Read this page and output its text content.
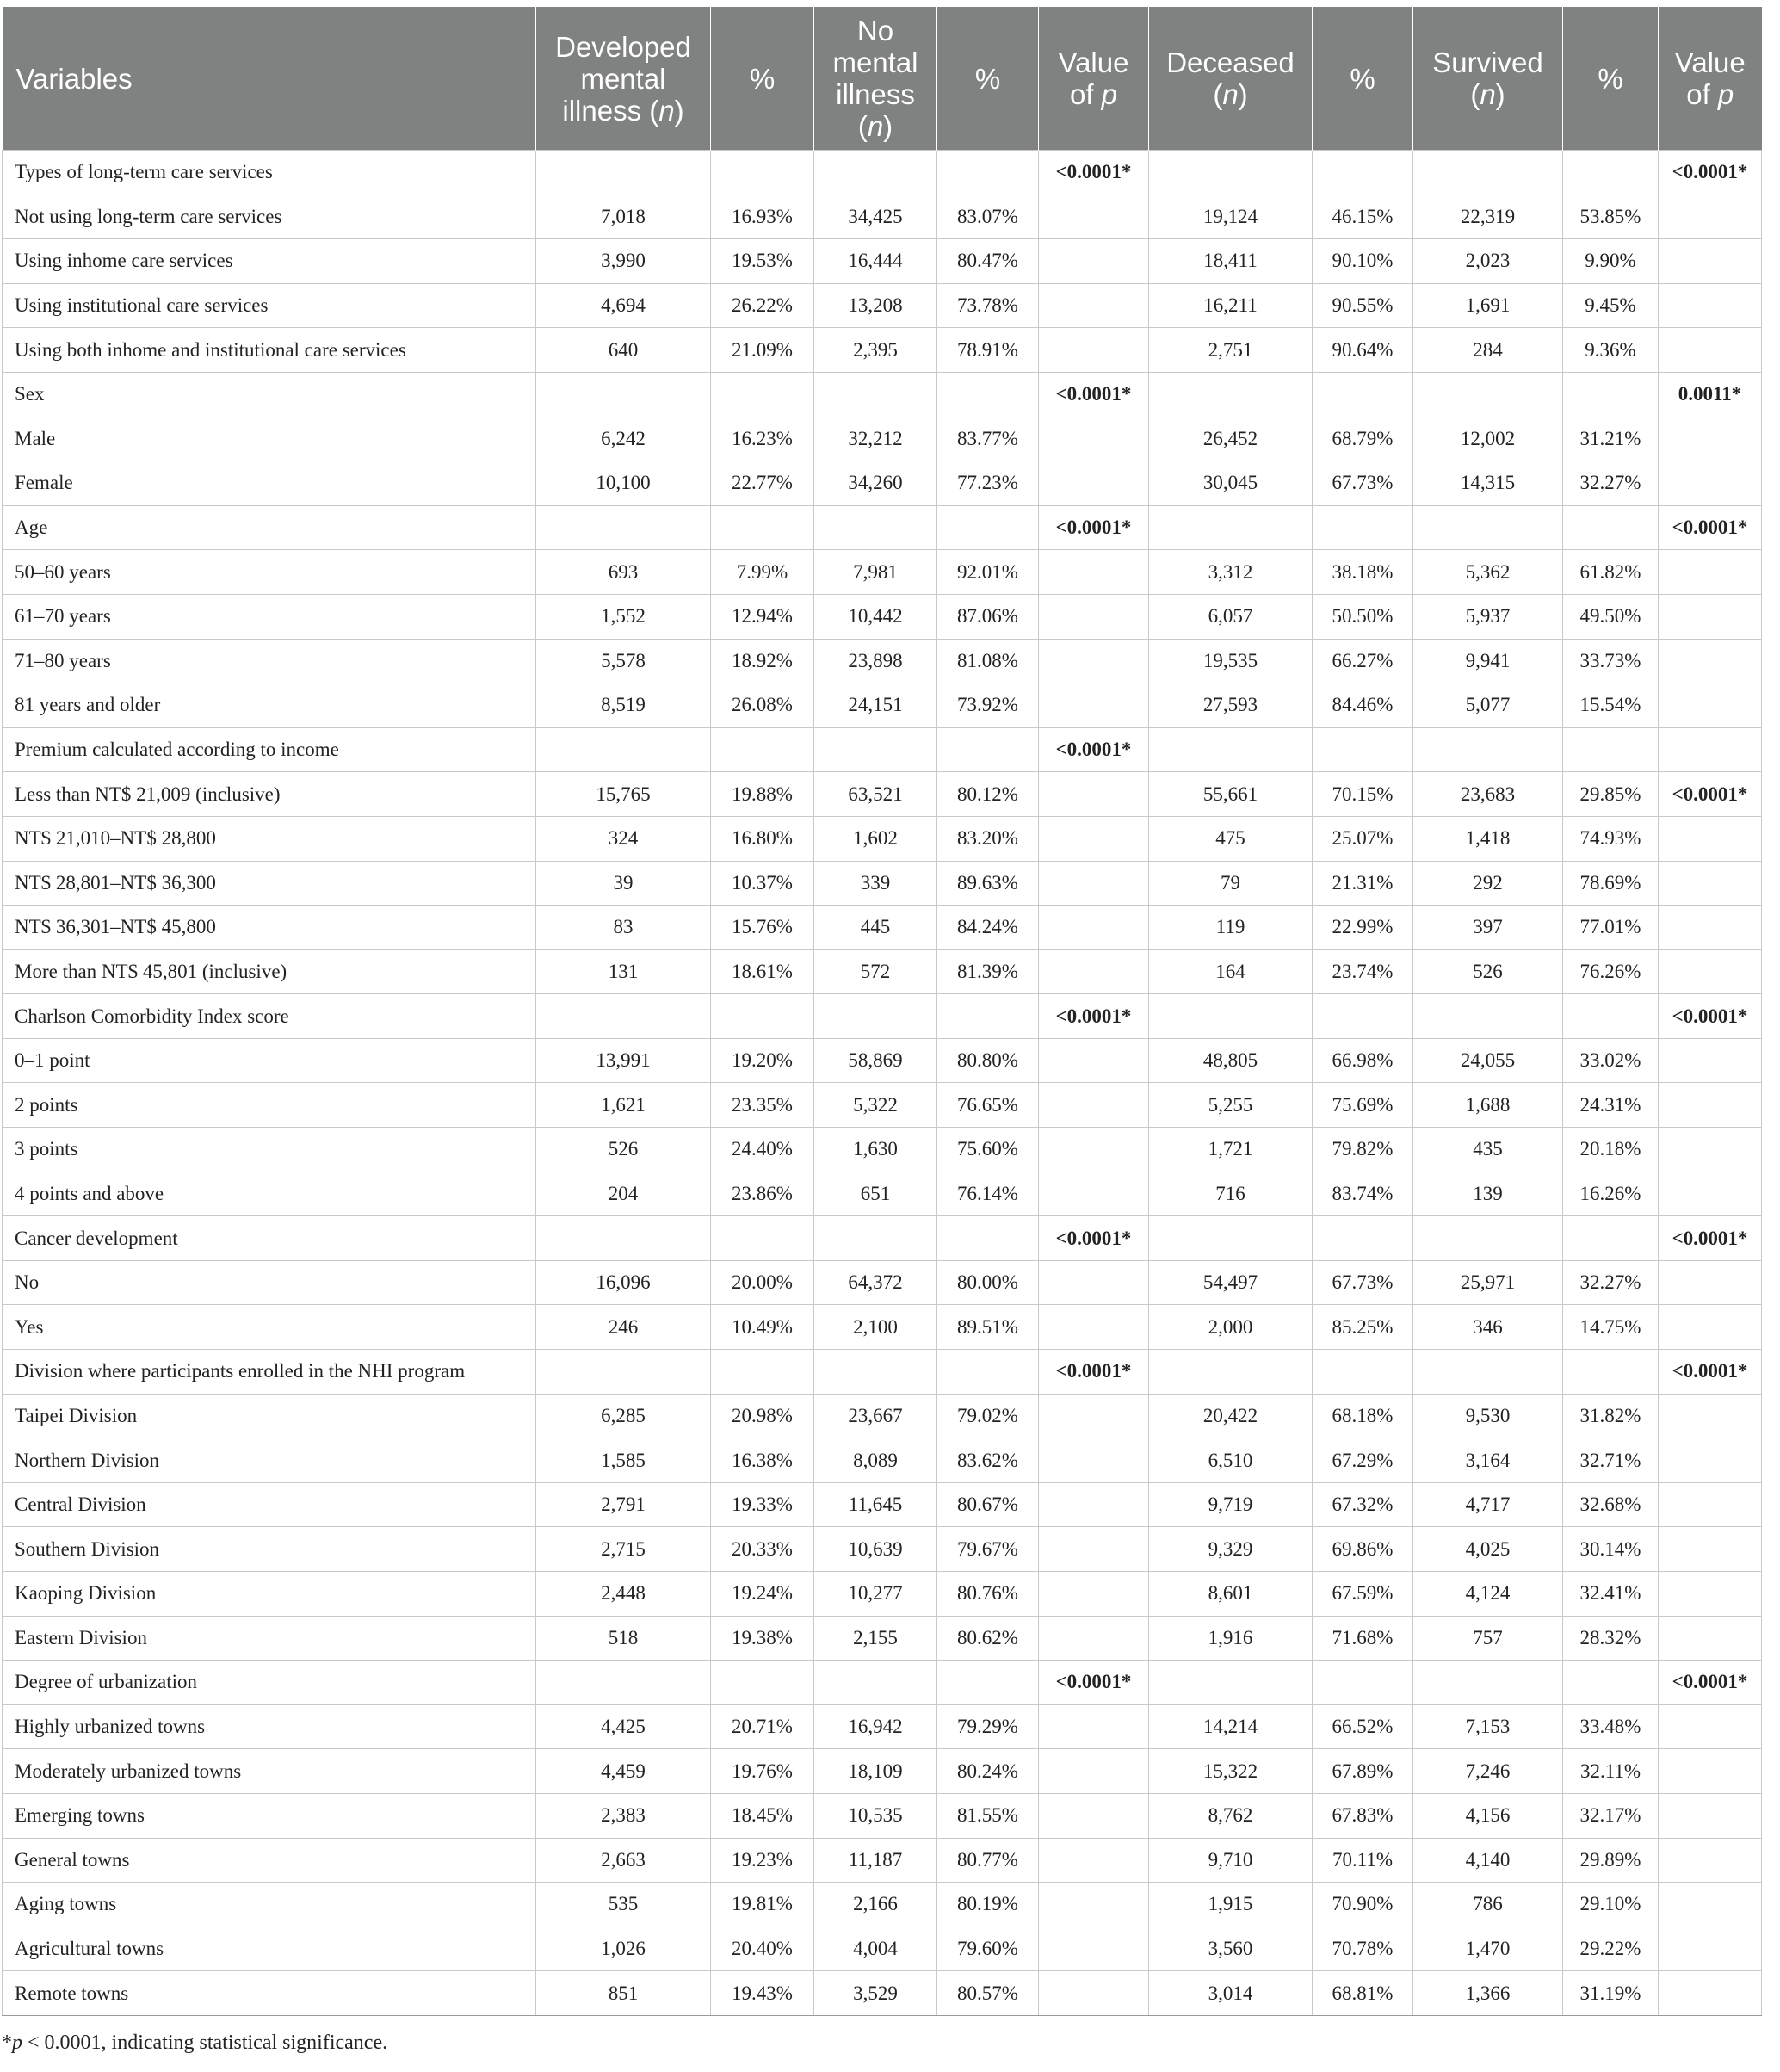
Variables	Developed mental illness (n)	%	No mental illness (n)	%	Value of p	Deceased (n)	%	Survived (n)	%	Value of p
Types of long-term care services					<0.0001*					<0.0001*
Not using long-term care services	7,018	16.93%	34,425	83.07%		19,124	46.15%	22,319	53.85%	
Using inhome care services	3,990	19.53%	16,444	80.47%		18,411	90.10%	2,023	9.90%	
Using institutional care services	4,694	26.22%	13,208	73.78%		16,211	90.55%	1,691	9.45%	
Using both inhome and institutional care services	640	21.09%	2,395	78.91%		2,751	90.64%	284	9.36%	
Sex					<0.0001*					0.0011*
Male	6,242	16.23%	32,212	83.77%		26,452	68.79%	12,002	31.21%	
Female	10,100	22.77%	34,260	77.23%		30,045	67.73%	14,315	32.27%	
Age					<0.0001*					<0.0001*
50–60 years	693	7.99%	7,981	92.01%		3,312	38.18%	5,362	61.82%	
61–70 years	1,552	12.94%	10,442	87.06%		6,057	50.50%	5,937	49.50%	
71–80 years	5,578	18.92%	23,898	81.08%		19,535	66.27%	9,941	33.73%	
81 years and older	8,519	26.08%	24,151	73.92%		27,593	84.46%	5,077	15.54%	
Premium calculated according to income					<0.0001*					
Less than NT$ 21,009 (inclusive)	15,765	19.88%	63,521	80.12%		55,661	70.15%	23,683	29.85%	<0.0001*
NT$ 21,010–NT$ 28,800	324	16.80%	1,602	83.20%		475	25.07%	1,418	74.93%	
NT$ 28,801–NT$ 36,300	39	10.37%	339	89.63%		79	21.31%	292	78.69%	
NT$ 36,301–NT$ 45,800	83	15.76%	445	84.24%		119	22.99%	397	77.01%	
More than NT$ 45,801 (inclusive)	131	18.61%	572	81.39%		164	23.74%	526	76.26%	
Charlson Comorbidity Index score					<0.0001*					<0.0001*
0–1 point	13,991	19.20%	58,869	80.80%		48,805	66.98%	24,055	33.02%	
2 points	1,621	23.35%	5,322	76.65%		5,255	75.69%	1,688	24.31%	
3 points	526	24.40%	1,630	75.60%		1,721	79.82%	435	20.18%	
4 points and above	204	23.86%	651	76.14%		716	83.74%	139	16.26%	
Cancer development					<0.0001*					<0.0001*
No	16,096	20.00%	64,372	80.00%		54,497	67.73%	25,971	32.27%	
Yes	246	10.49%	2,100	89.51%		2,000	85.25%	346	14.75%	
Division where participants enrolled in the NHI program					<0.0001*					<0.0001*
Taipei Division	6,285	20.98%	23,667	79.02%		20,422	68.18%	9,530	31.82%	
Northern Division	1,585	16.38%	8,089	83.62%		6,510	67.29%	3,164	32.71%	
Central Division	2,791	19.33%	11,645	80.67%		9,719	67.32%	4,717	32.68%	
Southern Division	2,715	20.33%	10,639	79.67%		9,329	69.86%	4,025	30.14%	
Kaoping Division	2,448	19.24%	10,277	80.76%		8,601	67.59%	4,124	32.41%	
Eastern Division	518	19.38%	2,155	80.62%		1,916	71.68%	757	28.32%	
Degree of urbanization					<0.0001*					<0.0001*
Highly urbanized towns	4,425	20.71%	16,942	79.29%		14,214	66.52%	7,153	33.48%	
Moderately urbanized towns	4,459	19.76%	18,109	80.24%		15,322	67.89%	7,246	32.11%	
Emerging towns	2,383	18.45%	10,535	81.55%		8,762	67.83%	4,156	32.17%	
General towns	2,663	19.23%	11,187	80.77%		9,710	70.11%	4,140	29.89%	
Aging towns	535	19.81%	2,166	80.19%		1,915	70.90%	786	29.10%	
Agricultural towns	1,026	20.40%	4,004	79.60%		3,560	70.78%	1,470	29.22%	
Remote towns	851	19.43%	3,529	80.57%		3,014	68.81%	1,366	31.19%	
*p < 0.0001, indicating statistical significance.
